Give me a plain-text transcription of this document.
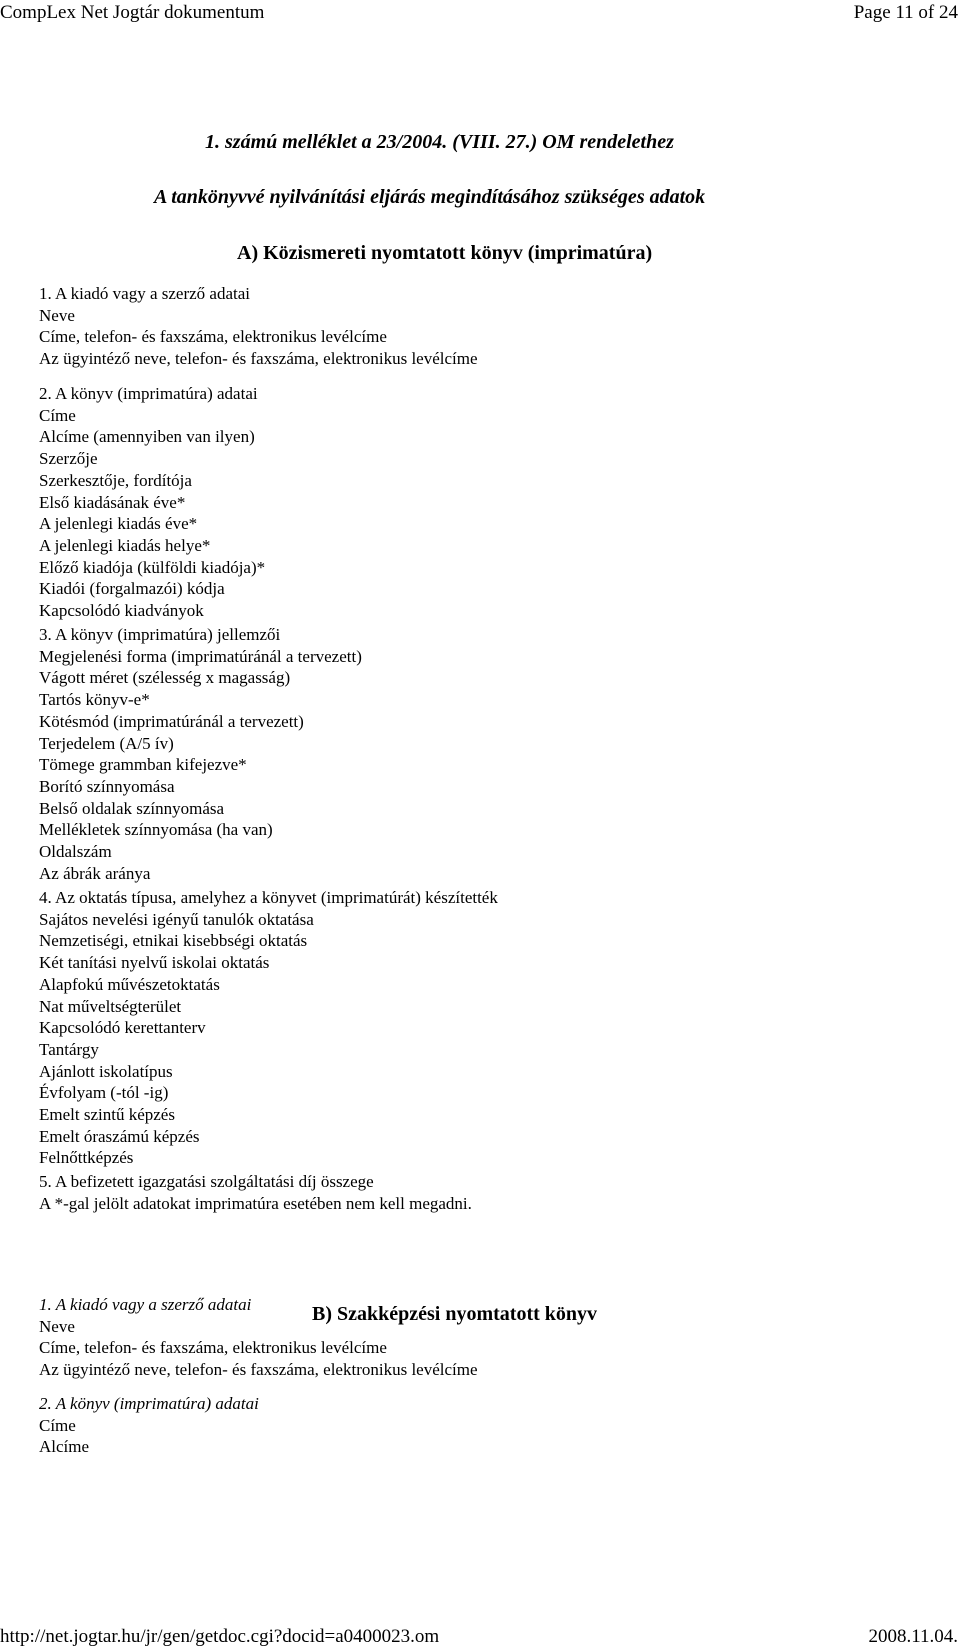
CompLex Net Jogtár dokumentum	Page 11 of 24
1. számú melléklet a 23/2004. (VIII. 27.) OM rendelethez
A tankönyvvé nyilvánítási eljárás megindításához szükséges adatok
A) Közismereti nyomtatott könyv (imprimatúra)
1. A kiadó vagy a szerző adatai
Neve
Címe, telefon- és faxszáma, elektronikus levélcíme
Az ügyintéző neve, telefon- és faxszáma, elektronikus levélcíme
2. A könyv (imprimatúra) adatai
Címe
Alcíme (amennyiben van ilyen)
Szerzője
Szerkesztője, fordítója
Első kiadásának éve*
A jelenlegi kiadás éve*
A jelenlegi kiadás helye*
Előző kiadója (külföldi kiadója)*
Kiadói (forgalmazói) kódja
Kapcsolódó kiadványok
3. A könyv (imprimatúra) jellemzői
Megjelenési forma (imprimatúránál a tervezett)
Vágott méret (szélesség x magasság)
Tartós könyv-e*
Kötésmód (imprimatúránál a tervezett)
Terjedelem (A/5 ív)
Tömege grammban kifejezve*
Borító színnyomása
Belső oldalak színnyomása
Mellékletek színnyomása (ha van)
Oldalszám
Az ábrák aránya
4. Az oktatás típusa, amelyhez a könyvet (imprimatúrát) készítették
Sajátos nevelési igényű tanulók oktatása
Nemzetiségi, etnikai kisebbségi oktatás
Két tanítási nyelvű iskolai oktatás
Alapfokú művészetoktatás
Nat műveltségterület
Kapcsolódó kerettanterv
Tantárgy
Ajánlott iskolatípus
Évfolyam (-tól -ig)
Emelt szintű képzés
Emelt óraszámú képzés
Felnőttképzés
5. A befizetett igazgatási szolgáltatási díj összege
A *-gal jelölt adatokat imprimatúra esetében nem kell megadni.
B) Szakképzési nyomtatott könyv
1. A kiadó vagy a szerző adatai
Neve
Címe, telefon- és faxszáma, elektronikus levélcíme
Az ügyintéző neve, telefon- és faxszáma, elektronikus levélcíme
2. A könyv (imprimatúra) adatai
Címe
Alcíme
http://net.jogtar.hu/jr/gen/getdoc.cgi?docid=a0400023.om	2008.11.04.
